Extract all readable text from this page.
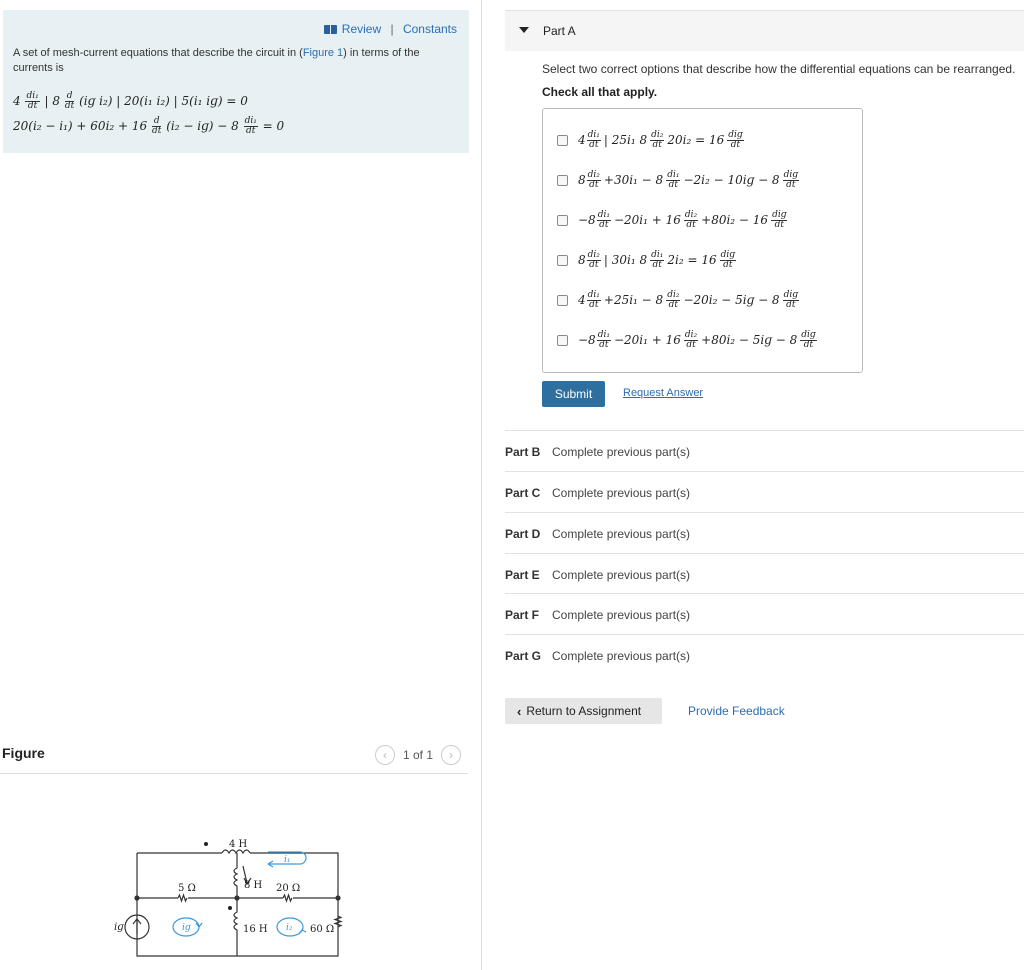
Review | Constants
A set of mesh-current equations that describe the circuit in (Figure 1) in terms of the currents is
$4 \frac{\text{di₁}}{dt}$ | $8 \frac{d}{dt}$ (iɡ i₂) | 20(i₁ i₂) | 5(i₁ iɡ) = 0
$20(i_2 - i_1) + 60i_2 + 16 \frac{d}{dt} (i_2$ − iɡ) − $8 \frac{\text{di₁}}{dt} = 0$
Figure	‹	1 of 1	›
4 H
8 H
16 H
5 Ω	20 Ω
60 Ω
iɡ	iɡ
i₁
i₂
Part A
Select two correct options that describe how the differential equations can be rearranged.
Check all that apply.
$4 \frac{\text{di₁}}{dt}$ | 25i₁ $8 \frac{\text{di₂}}{dt} 20i_2 = 16 \frac{\text{diɡ}}{dt}$
$8 \frac{\text{di₂}}{dt} +30i_1 - 8 \frac{\text{di₁}}{dt} -2i_2$ − 10iɡ − $8 \frac{\text{diɡ}}{dt}$
$-8 \frac{\text{di₁}}{dt} -20i_1 + 16 \frac{\text{di₂}}{dt} +80i_2 - 16 \frac{\text{diɡ}}{dt}$
$8 \frac{\text{di₂}}{dt}$ | 30i₁ $8 \frac{\text{di₁}}{dt} 2i_2 = 16 \frac{\text{diɡ}}{dt}$
$4 \frac{\text{di₁}}{dt} +25i_1 - 8 \frac{\text{di₂}}{dt} -20i_2$ − 5iɡ − $8 \frac{\text{diɡ}}{dt}$
$-8 \frac{\text{di₁}}{dt} -20i_1 + 16 \frac{\text{di₂}}{dt} +80i_2$ − 5iɡ − $8 \frac{\text{diɡ}}{dt}$
Submit	Request Answer
Part B Complete previous part(s)
Part C Complete previous part(s)
Part D Complete previous part(s)
Part E Complete previous part(s)
Part F Complete previous part(s)
Part G Complete previous part(s)
‹ Return to Assignment	Provide Feedback
